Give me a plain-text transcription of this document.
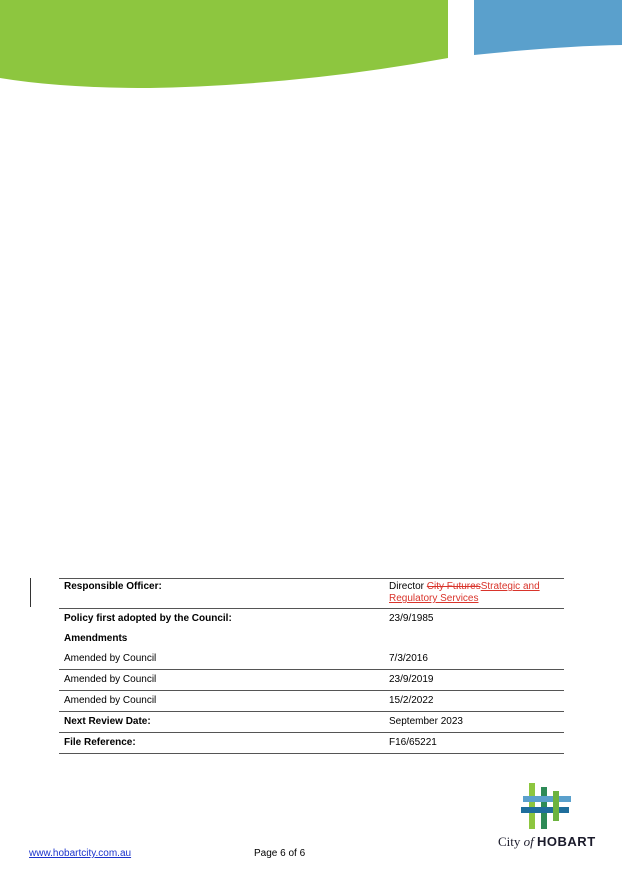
Responsible Officer:	Director City FuturesStrategic and Regulatory Services
Policy first adopted by the Council:	23/9/1985
Amendments	
Amended by Council	7/3/2016
Amended by Council	23/9/2019
Amended by Council	15/2/2022
Next Review Date:	September 2023
File Reference:	F16/65221
City of HOBART
www.hobartcity.com.au	Page 6 of 6
